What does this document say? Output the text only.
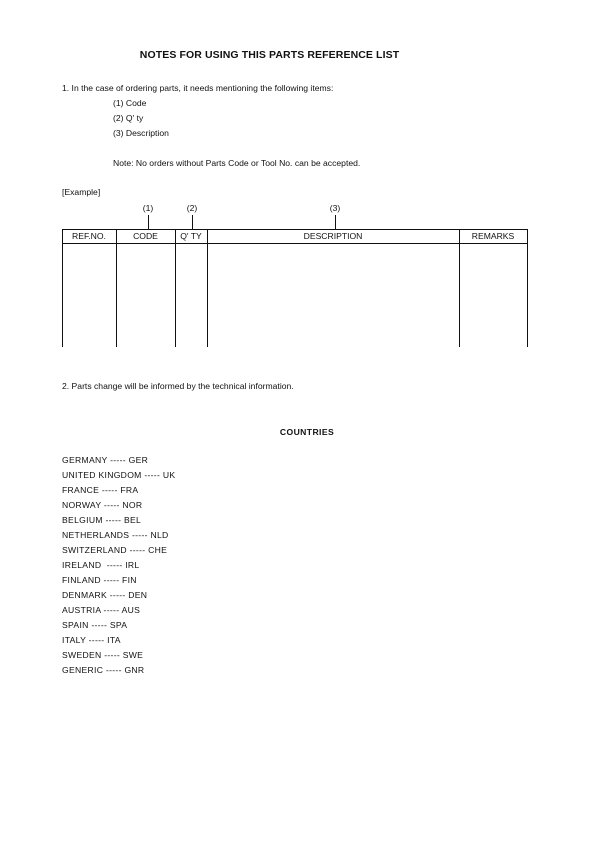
NOTES FOR USING THIS PARTS REFERENCE LIST
1. In the case of ordering parts, it needs mentioning the following items:
(1) Code
(2) Q' ty
(3) Description
Note: No orders without Parts Code or Tool No. can be accepted.
[Example]
(1)	(2)	(3)
REF.NO.	CODE	Q' TY	DESCRIPTION	REMARKS
2. Parts change will be informed by the technical information.
COUNTRIES
GERMANY ----- GER
UNITED KINGDOM ----- UK
FRANCE ----- FRA
NORWAY ----- NOR
BELGIUM ----- BEL
NETHERLANDS ----- NLD
SWITZERLAND ----- CHE
IRELAND  ----- IRL
FINLAND ----- FIN
DENMARK ----- DEN
AUSTRIA ----- AUS
SPAIN ----- SPA
ITALY ----- ITA
SWEDEN ----- SWE
GENERIC ----- GNR
